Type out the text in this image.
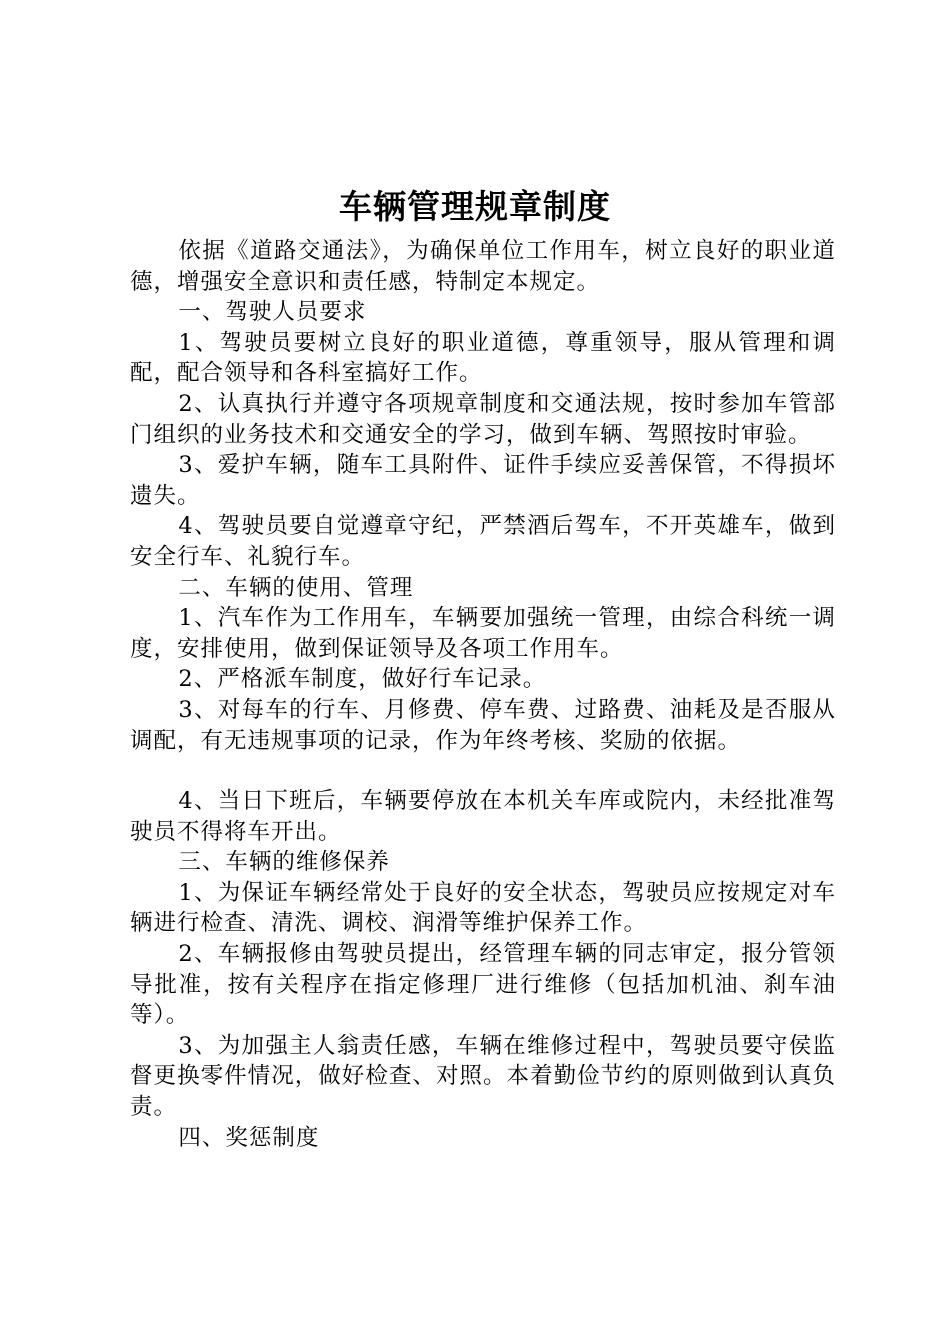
车辆管理规章制度

依据《道路交通法》，为确保单位工作用车，树立良好的职业道德，增强安全意识和责任感，特制定本规定。

一、驾驶人员要求

1、驾驶员要树立良好的职业道德，尊重领导，服从管理和调配，配合领导和各科室搞好工作。

2、认真执行并遵守各项规章制度和交通法规，按时参加车管部门组织的业务技术和交通安全的学习，做到车辆、驾照按时审验。

3、爱护车辆，随车工具附件、证件手续应妥善保管，不得损坏遗失。

4、驾驶员要自觉遵章守纪，严禁酒后驾车，不开英雄车，做到安全行车、礼貌行车。

二、车辆的使用、管理

1、汽车作为工作用车，车辆要加强统一管理，由综合科统一调度，安排使用，做到保证领导及各项工作用车。

2、严格派车制度，做好行车记录。

3、对每车的行车、月修费、停车费、过路费、油耗及是否服从调配，有无违规事项的记录，作为年终考核、奖励的依据。

4、当日下班后，车辆要停放在本机关车库或院内，未经批准驾驶员不得将车开出。

三、车辆的维修保养

1、为保证车辆经常处于良好的安全状态，驾驶员应按规定对车辆进行检查、清洗、调校、润滑等维护保养工作。

2、车辆报修由驾驶员提出，经管理车辆的同志审定，报分管领导批准，按有关程序在指定修理厂进行维修（包括加机油、刹车油等）。

3、为加强主人翁责任感，车辆在维修过程中，驾驶员要守侯监督更换零件情况，做好检查、对照。本着勤俭节约的原则做到认真负责。

四、奖惩制度
